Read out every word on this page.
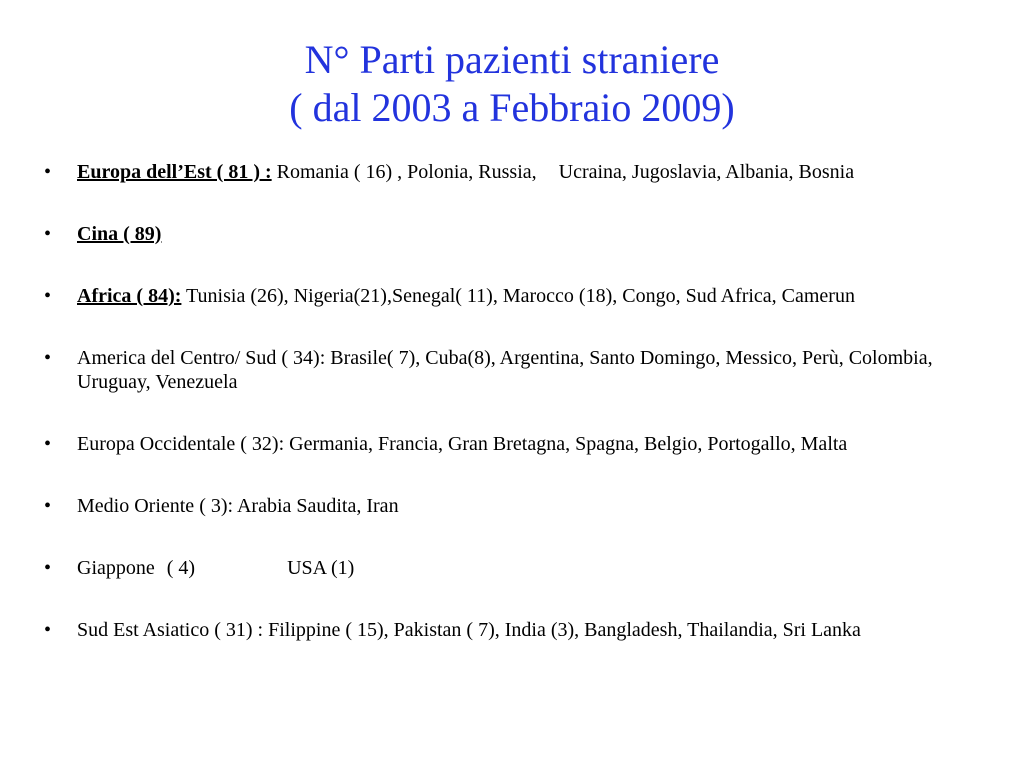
N° Parti pazienti straniere
( dal 2003 a Febbraio 2009)
• Europa dell’Est ( 81 ) : Romania ( 16) , Polonia, Russia, Ucraina, Jugoslavia, Albania, Bosnia
• Cina ( 89)
• Africa ( 84): Tunisia (26), Nigeria(21),Senegal( 11), Marocco (18), Congo, Sud Africa, Camerun
• America del Centro/ Sud ( 34): Brasile( 7), Cuba(8), Argentina, Santo Domingo, Messico, Perù, Colombia, Uruguay, Venezuela
• Europa Occidentale ( 32): Germania, Francia, Gran Bretagna, Spagna, Belgio, Portogallo, Malta
• Medio Oriente ( 3): Arabia Saudita, Iran
• Giappone ( 4)	USA (1)
• Sud Est Asiatico ( 31) : Filippine ( 15), Pakistan ( 7), India (3), Bangladesh, Thailandia, Sri Lanka
